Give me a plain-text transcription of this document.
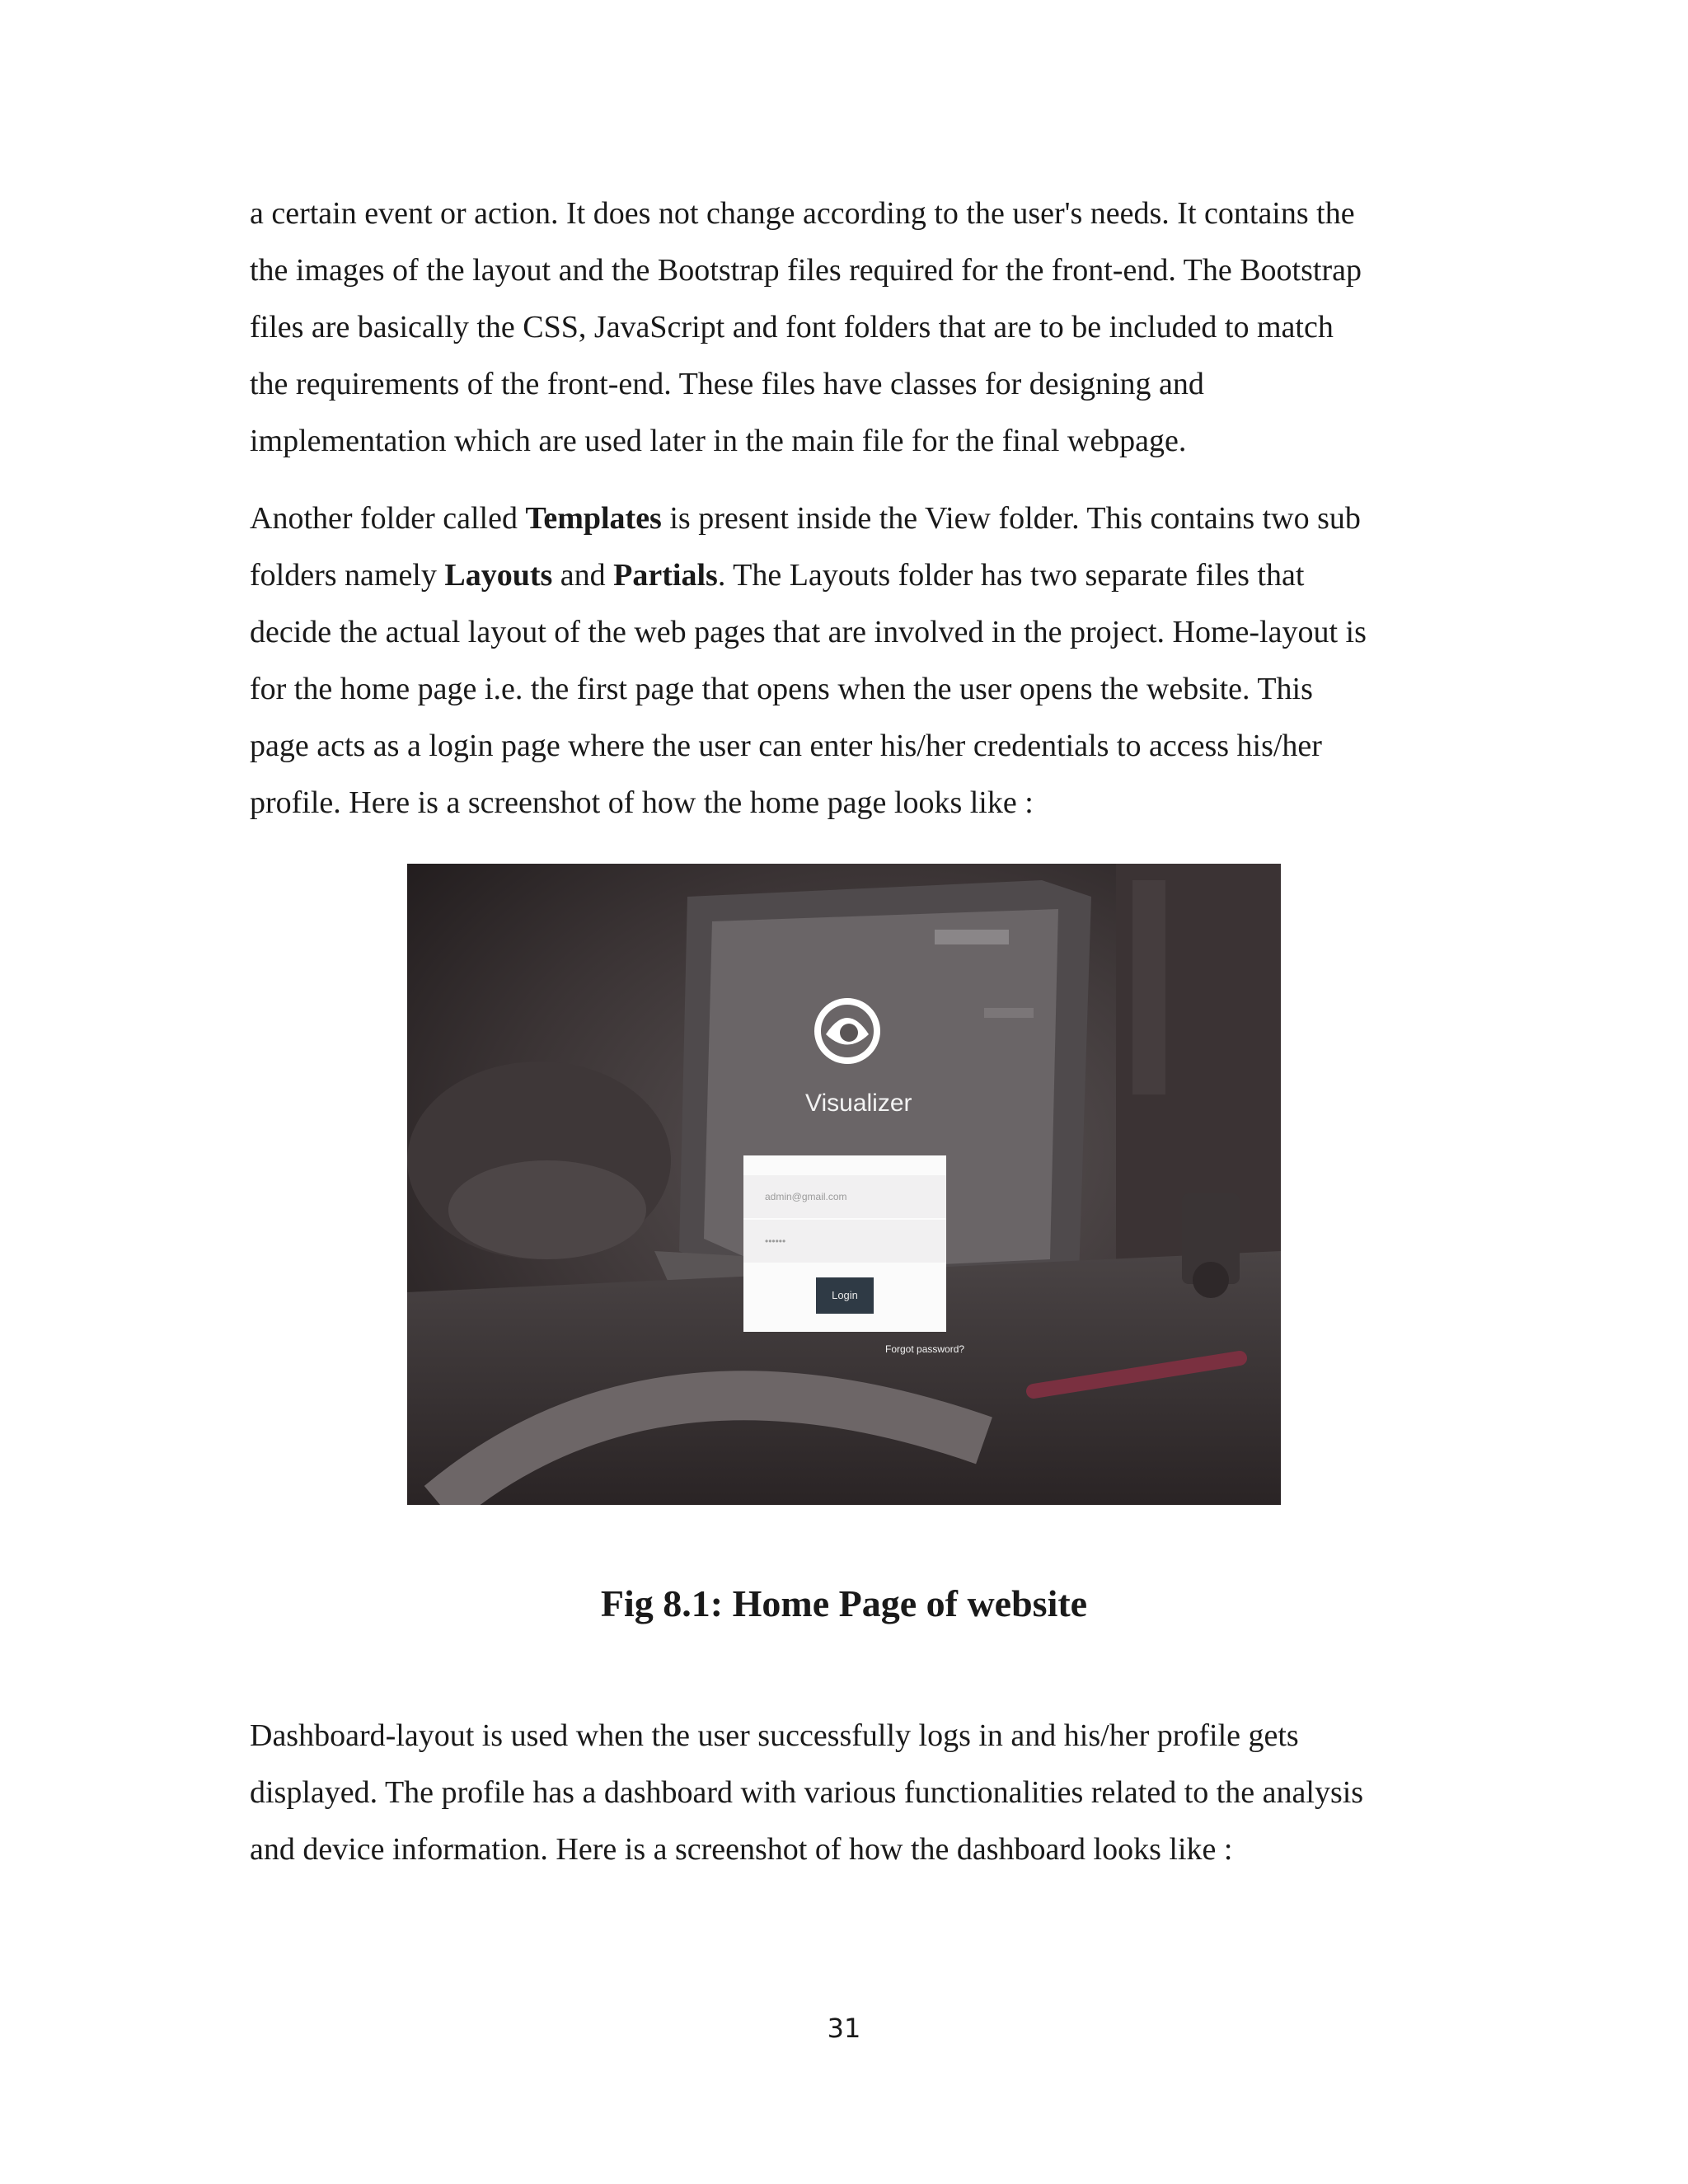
a certain event or action. It does not change according to the user's needs. It contains the
the images of the layout and the Bootstrap files required for the front-end. The Bootstrap
files are basically the CSS, JavaScript and font folders that are to be included to match
the requirements of the front-end. These files have classes for designing and
implementation which are used later in the main file for the final webpage.
Another folder called Templates is present inside the View folder. This contains two sub
folders namely Layouts and Partials. The Layouts folder has two separate files that
decide the actual layout of the web pages that are involved in the project. Home-layout is
for the home page i.e. the first page that opens when the user opens the website. This
page acts as a login page where the user can enter his/her credentials to access his/her
profile. Here is a screenshot of how the home page looks like :
Visualizer
admin@gmail.com
••••••
Login
Forgot password?
Fig 8.1: Home Page of website
Dashboard-layout is used when the user successfully logs in and his/her profile gets
displayed. The profile has a dashboard with various functionalities related to the analysis
and device information. Here is a screenshot of how the dashboard looks like :
31
